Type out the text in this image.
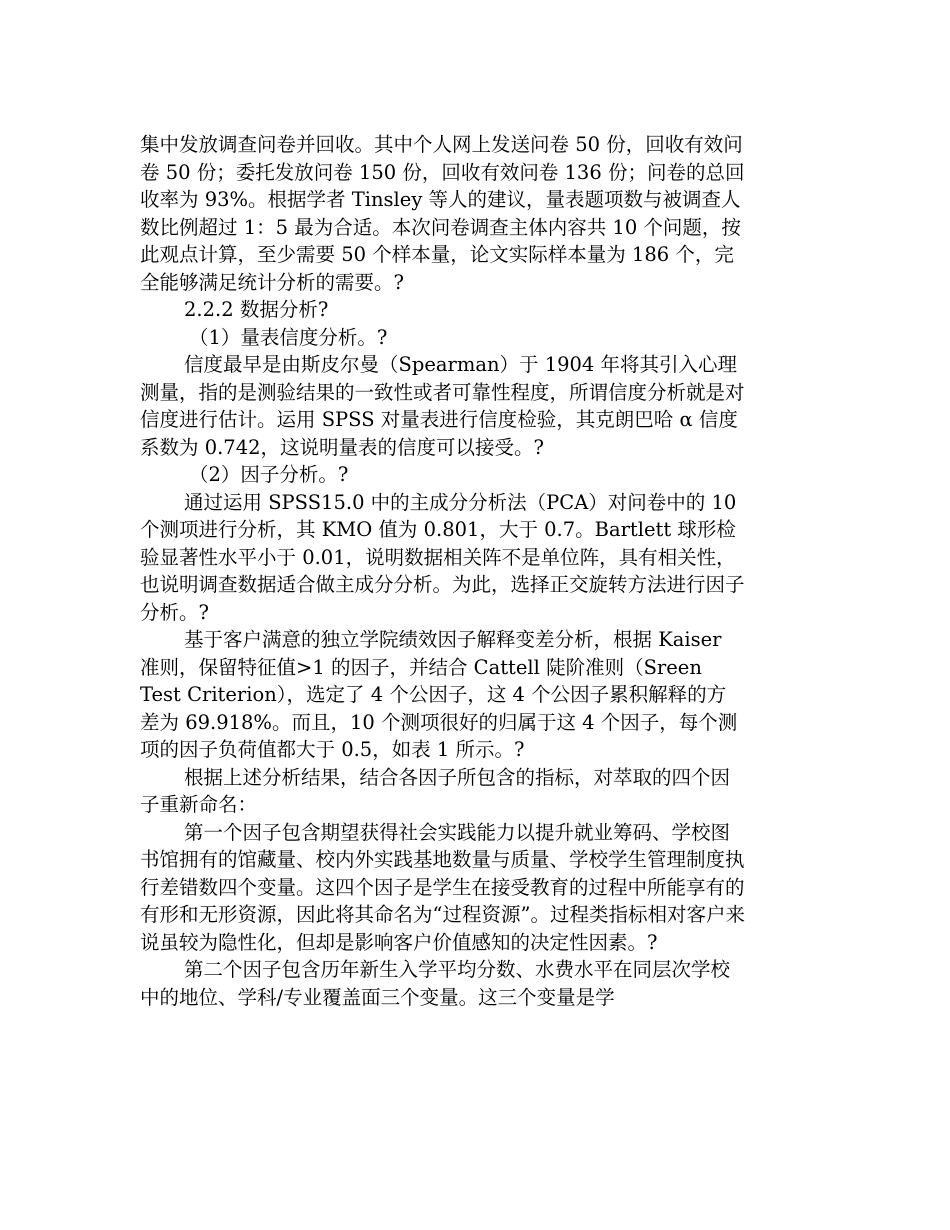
集中发放调查问卷并回收。其中个人网上发送问卷 50 份，回收有效问卷 50 份；委托发放问卷 150 份，回收有效问卷 136 份；问卷的总回收率为 93%。根据学者 Tinsley 等人的建议，量表题项数与被调查人数比例超过 1：5 最为合适。本次问卷调查主体内容共 10 个问题，按此观点计算，至少需要 50 个样本量，论文实际样本量为 186 个，完全能够满足统计分析的需要。?

2.2.2 数据分析?

（1）量表信度分析。?

信度最早是由斯皮尔曼（Spearman）于 1904 年将其引入心理测量，指的是测验结果的一致性或者可靠性程度，所谓信度分析就是对信度进行估计。运用 SPSS 对量表进行信度检验，其克朗巴哈 α 信度系数为 0.742，这说明量表的信度可以接受。?

（2）因子分析。?

通过运用 SPSS15.0 中的主成分分析法（PCA）对问卷中的 10 个测项进行分析，其 KMO 值为 0.801，大于 0.7。Bartlett 球形检验显著性水平小于 0.01，说明数据相关阵不是单位阵，具有相关性，也说明调查数据适合做主成分分析。为此，选择正交旋转方法进行因子分析。?

基于客户满意的独立学院绩效因子解释变差分析，根据 Kaiser 准则，保留特征值>1 的因子，并结合 Cattell 陡阶准则（Sreen Test Criterion），选定了 4 个公因子，这 4 个公因子累积解释的方差为 69.918%。而且，10 个测项很好的归属于这 4 个因子，每个测项的因子负荷值都大于 0.5，如表 1 所示。?

根据上述分析结果，结合各因子所包含的指标，对萃取的四个因子重新命名：

第一个因子包含期望获得社会实践能力以提升就业筹码、学校图书馆拥有的馆藏量、校内外实践基地数量与质量、学校学生管理制度执行差错数四个变量。这四个因子是学生在接受教育的过程中所能享有的有形和无形资源，因此将其命名为“过程资源”。过程类指标相对客户来说虽较为隐性化，但却是影响客户价值感知的决定性因素。?

第二个因子包含历年新生入学平均分数、水费水平在同层次学校中的地位、学科/专业覆盖面三个变量。这三个变量是学
